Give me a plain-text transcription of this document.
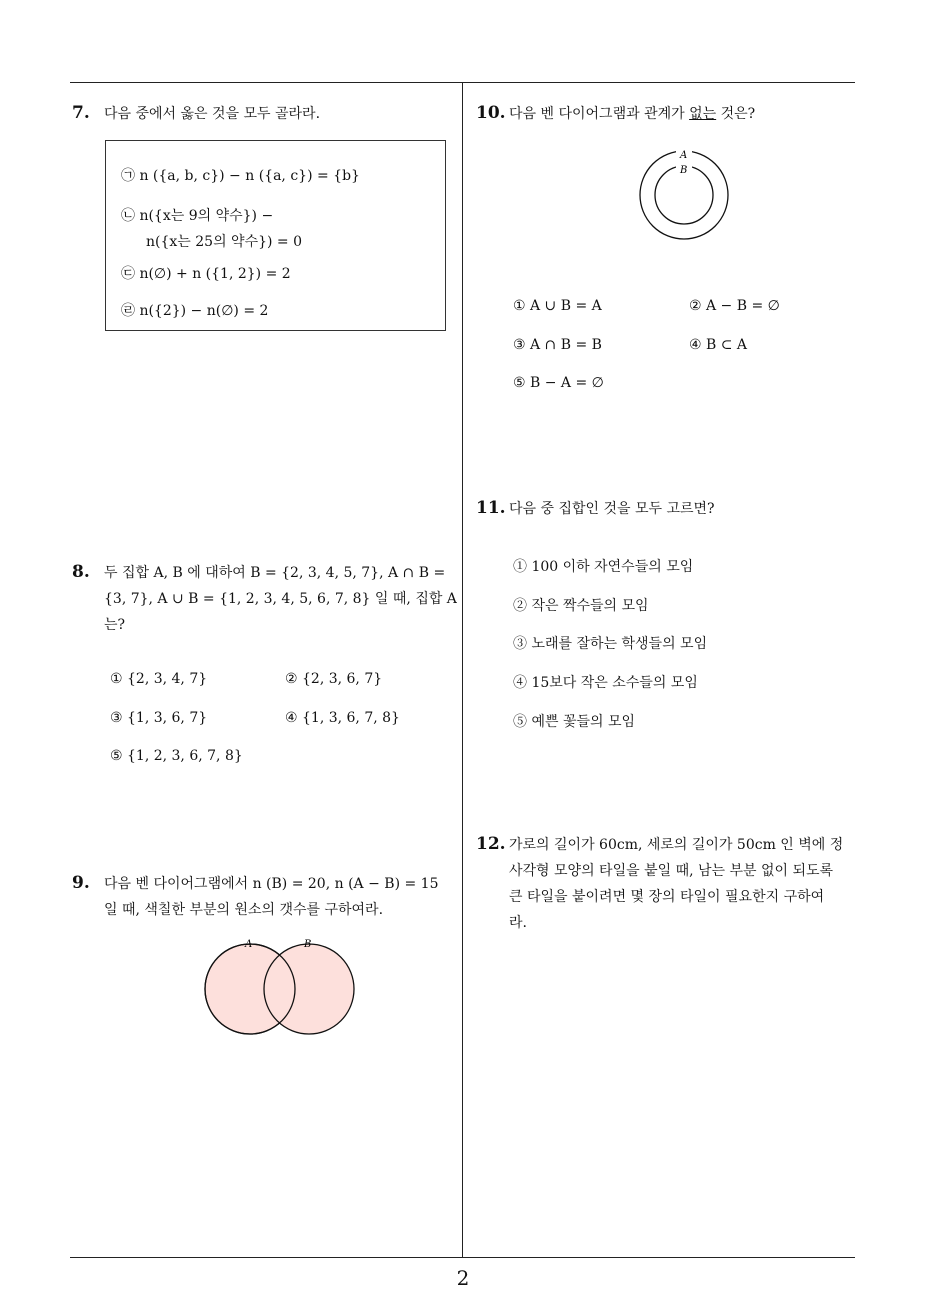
7. 다음 중에서 옳은 것을 모두 골라라.
㉠ n ({a, b, c}) − n ({a, c}) = {b}
㉡ n({x는 9의 약수}) −
n({x는 25의 약수}) = 0
㉢ n(∅) + n ({1, 2}) = 2
㉣ n({2}) − n(∅) = 2
8. 두 집합 A, B 에 대하여 B = {2, 3, 4, 5, 7}, A ∩ B =
{3, 7}, A ∪ B = {1, 2, 3, 4, 5, 6, 7, 8} 일 때, 집합 A
는?
① {2, 3, 4, 7}	② {2, 3, 6, 7}
③ {1, 3, 6, 7}	④ {1, 3, 6, 7, 8}
⑤ {1, 2, 3, 6, 7, 8}
9. 다음 벤 다이어그램에서 n (B) = 20, n (A − B) = 15
일 때, 색칠한 부분의 원소의 갯수를 구하여라.
A	B
10. 다음 벤 다이어그램과 관계가 없는 것은?
A
B
① A ∪ B = A	② A − B = ∅
③ A ∩ B = B	④ B ⊂ A
⑤ B − A = ∅
11. 다음 중 집합인 것을 모두 고르면?
① 100 이하 자연수들의 모임
② 작은 짝수들의 모임
③ 노래를 잘하는 학생들의 모임
④ 15보다 작은 소수들의 모임
⑤ 예쁜 꽃들의 모임
12. 가로의 길이가 60cm, 세로의 길이가 50cm 인 벽에 정
사각형 모양의 타일을 붙일 때, 남는 부분 없이 되도록
큰 타일을 붙이려면 몇 장의 타일이 필요한지 구하여
라.
2
